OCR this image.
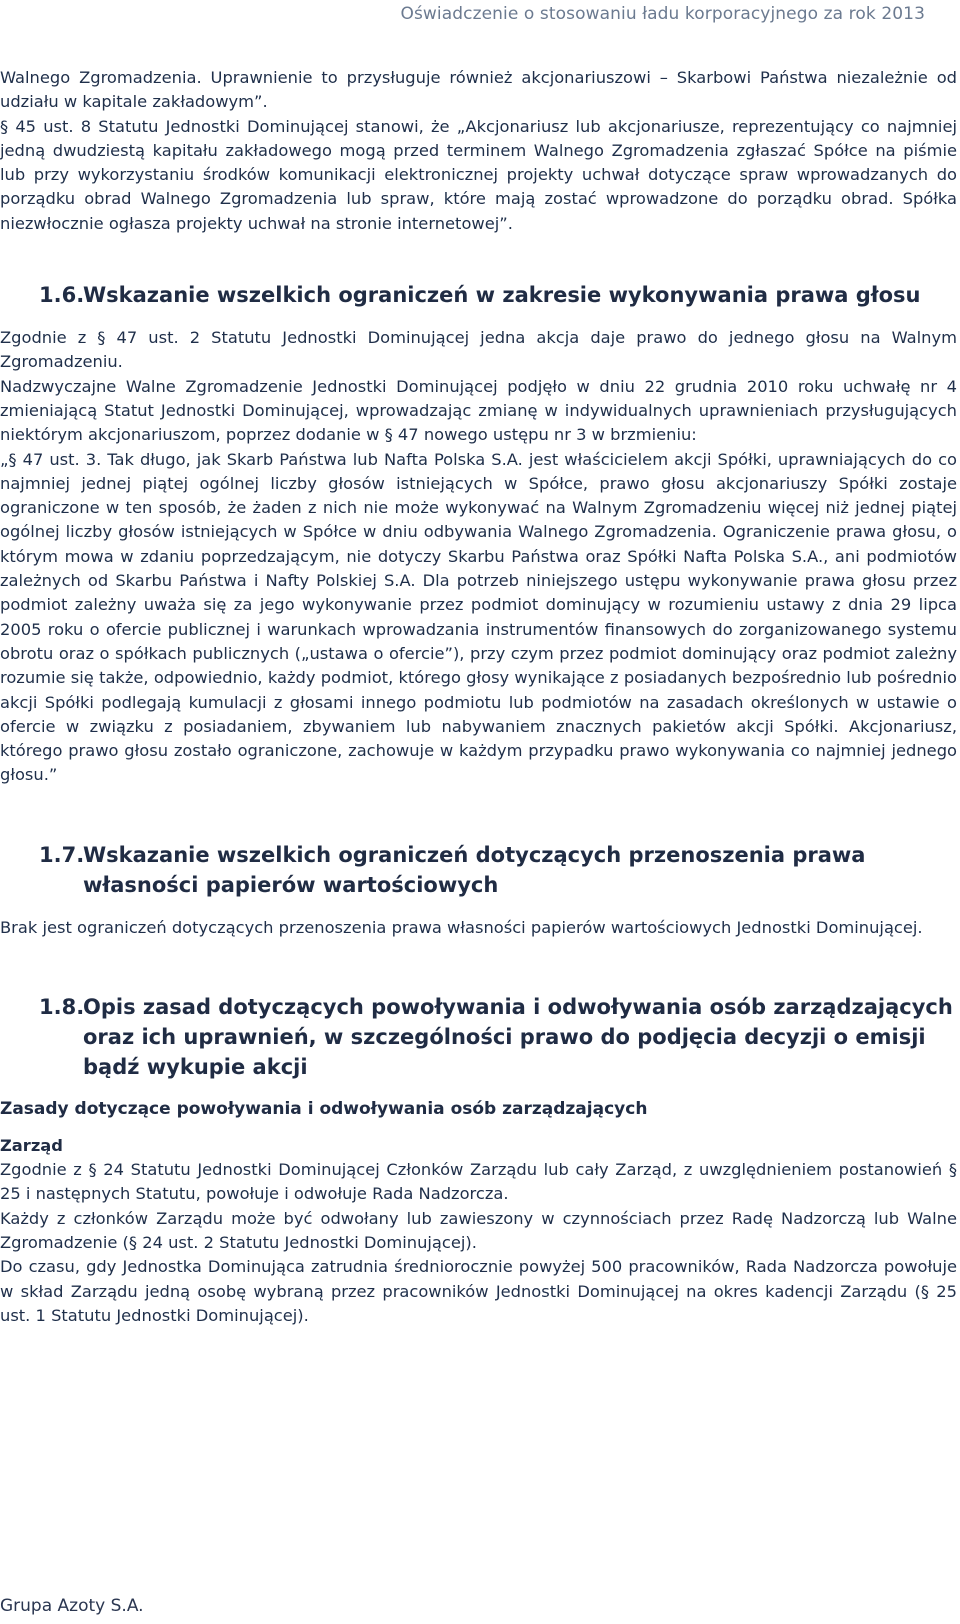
Oświadczenie o stosowaniu ładu korporacyjnego za rok 2013

Walnego Zgromadzenia. Uprawnienie to przysługuje również akcjonariuszowi – Skarbowi Państwa niezależnie od udziału w kapitale zakładowym”.

§ 45 ust. 8 Statutu Jednostki Dominującej stanowi, że „Akcjonariusz lub akcjonariusze, reprezentujący co najmniej jedną dwudziestą kapitału zakładowego mogą przed terminem Walnego Zgromadzenia zgłaszać Spółce na piśmie lub przy wykorzystaniu środków komunikacji elektronicznej projekty uchwał dotyczące spraw wprowadzanych do porządku obrad Walnego Zgromadzenia lub spraw, które mają zostać wprowadzone do porządku obrad. Spółka niezwłocznie ogłasza projekty uchwał na stronie internetowej”.

1.6.
Wskazanie wszelkich ograniczeń w zakresie wykonywania prawa głosu

Zgodnie z § 47 ust. 2 Statutu Jednostki Dominującej jedna akcja daje prawo do jednego głosu na Walnym Zgromadzeniu.

Nadzwyczajne Walne Zgromadzenie Jednostki Dominującej podjęło w dniu 22 grudnia 2010 roku uchwałę nr 4 zmieniającą Statut Jednostki Dominującej, wprowadzając zmianę w indywidualnych uprawnieniach przysługujących niektórym akcjonariuszom, poprzez dodanie w § 47 nowego ustępu nr 3 w brzmieniu:

„§ 47 ust. 3. Tak długo, jak Skarb Państwa lub Nafta Polska S.A. jest właścicielem akcji Spółki, uprawniających do co najmniej jednej piątej ogólnej liczby głosów istniejących w Spółce, prawo głosu akcjonariuszy Spółki zostaje ograniczone w ten sposób, że żaden z nich nie może wykonywać na Walnym Zgromadzeniu więcej niż jednej piątej ogólnej liczby głosów istniejących w Spółce w dniu odbywania Walnego Zgromadzenia. Ograniczenie prawa głosu, o którym mowa w zdaniu poprzedzającym, nie dotyczy Skarbu Państwa oraz Spółki Nafta Polska S.A., ani podmiotów zależnych od Skarbu Państwa i Nafty Polskiej S.A. Dla potrzeb niniejszego ustępu wykonywanie prawa głosu przez podmiot zależny uważa się za jego wykonywanie przez podmiot dominujący w rozumieniu ustawy z dnia 29 lipca 2005 roku o ofercie publicznej i warunkach wprowadzania instrumentów finansowych do zorganizowanego systemu obrotu oraz o spółkach publicznych („ustawa o ofercie”), przy czym przez podmiot dominujący oraz podmiot zależny rozumie się także, odpowiednio, każdy podmiot, którego głosy wynikające z posiadanych bezpośrednio lub pośrednio akcji Spółki podlegają kumulacji z głosami innego podmiotu lub podmiotów na zasadach określonych w ustawie o ofercie w związku z posiadaniem, zbywaniem lub nabywaniem znacznych pakietów akcji Spółki. Akcjonariusz, którego prawo głosu zostało ograniczone, zachowuje w każdym przypadku prawo wykonywania co najmniej jednego głosu.”

1.7.
Wskazanie wszelkich ograniczeń dotyczących przenoszenia prawa własności papierów wartościowych

Brak jest ograniczeń dotyczących przenoszenia prawa własności papierów wartościowych Jednostki Dominującej.

1.8.
Opis zasad dotyczących powoływania i odwoływania osób zarządzających oraz ich uprawnień, w szczególności prawo do podjęcia decyzji o emisji bądź wykupie akcji
Zasady dotyczące powoływania i odwoływania osób zarządzających
Zarząd

Zgodnie z § 24 Statutu Jednostki Dominującej Członków Zarządu lub cały Zarząd, z uwzględnieniem postanowień § 25 i następnych Statutu, powołuje i odwołuje Rada Nadzorcza.

Każdy z członków Zarządu może być odwołany lub zawieszony w czynnościach przez Radę Nadzorczą lub Walne Zgromadzenie (§ 24 ust. 2 Statutu Jednostki Dominującej).

Do czasu, gdy Jednostka Dominująca zatrudnia średniorocznie powyżej 500 pracowników, Rada Nadzorcza powołuje w skład Zarządu jedną osobę wybraną przez pracowników Jednostki Dominującej na okres kadencji Zarządu (§ 25 ust. 1 Statutu Jednostki Dominującej).

Grupa Azoty S.A.
